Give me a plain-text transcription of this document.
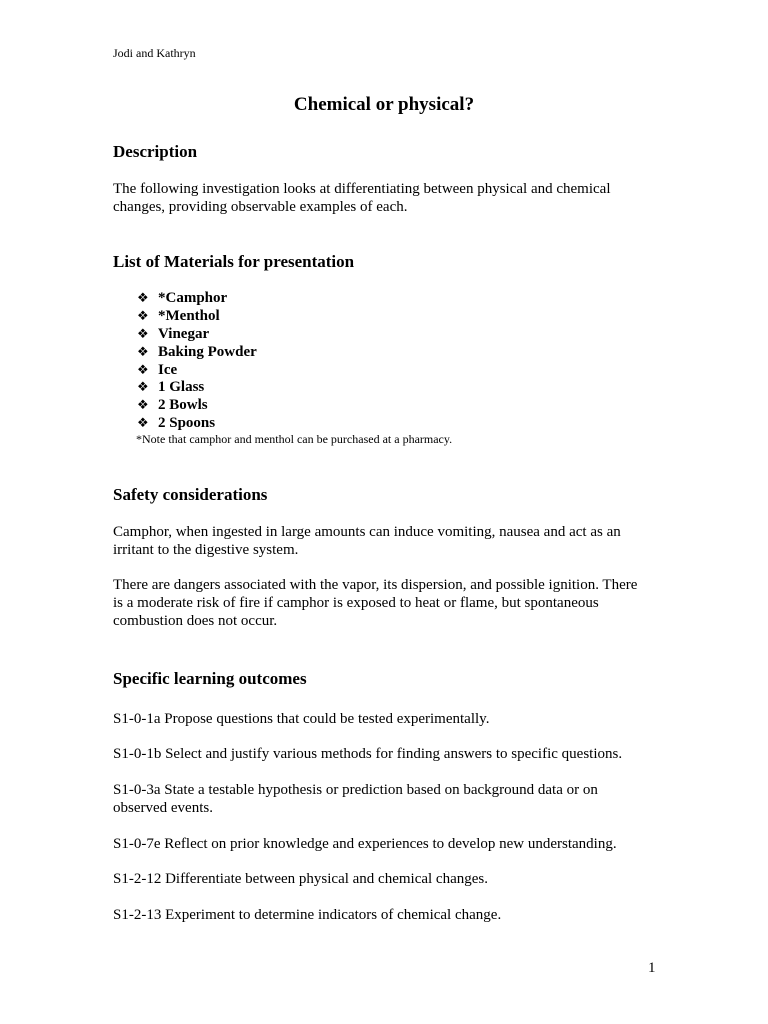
Jodi and Kathryn
Chemical or physical?
Description
The following investigation looks at differentiating between physical and chemical
changes, providing observable examples of each.
List of Materials for presentation
❖ *Camphor
❖ *Menthol
❖ Vinegar
❖ Baking Powder
❖ Ice
❖ 1 Glass
❖ 2 Bowls
❖ 2 Spoons
*Note that camphor and menthol can be purchased at a pharmacy.
Safety considerations
Camphor, when ingested in large amounts can induce vomiting, nausea and act as an
irritant to the digestive system.
There are dangers associated with the vapor, its dispersion, and possible ignition. There
is a moderate risk of fire if camphor is exposed to heat or flame, but spontaneous
combustion does not occur.
Specific learning outcomes
S1-0-1a Propose questions that could be tested experimentally.
S1-0-1b Select and justify various methods for finding answers to specific questions.
S1-0-3a State a testable hypothesis or prediction based on background data or on
observed events.
S1-0-7e Reflect on prior knowledge and experiences to develop new understanding.
S1-2-12 Differentiate between physical and chemical changes.
S1-2-13 Experiment to determine indicators of chemical change.
1
